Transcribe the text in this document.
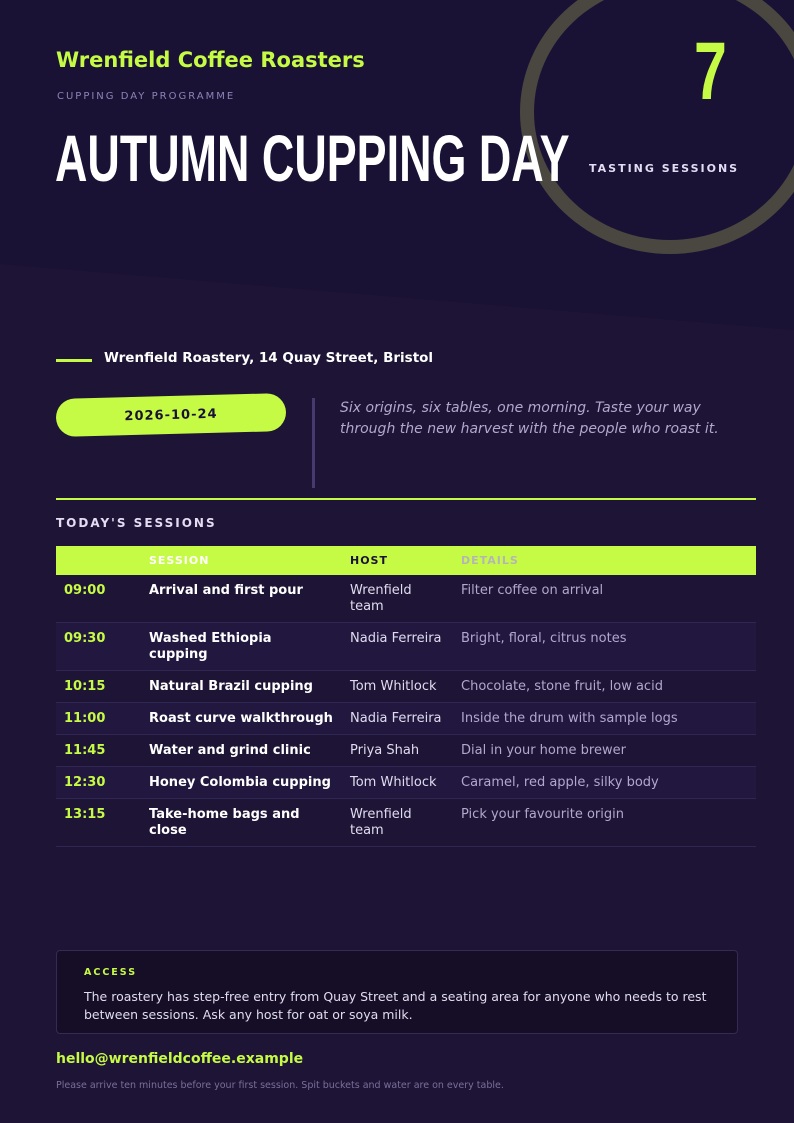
Wrenfield Coffee Roasters
CUPPING DAY PROGRAMME
AUTUMN CUPPING DAY
7
TASTING SESSIONS
Wrenfield Roastery, 14 Quay Street, Bristol
2026-10-24	Six origins, six tables, one morning. Taste your way through the new harvest with the people who roast it.
TODAY'S SESSIONS
	SESSION	HOST	DETAILS
09:00	Arrival and first pour	Wrenfield team	Filter coffee on arrival
09:30	Washed Ethiopia cupping	Nadia Ferreira	Bright, floral, citrus notes
10:15	Natural Brazil cupping	Tom Whitlock	Chocolate, stone fruit, low acid
11:00	Roast curve walkthrough	Nadia Ferreira	Inside the drum with sample logs
11:45	Water and grind clinic	Priya Shah	Dial in your home brewer
12:30	Honey Colombia cupping	Tom Whitlock	Caramel, red apple, silky body
13:15	Take-home bags and close	Wrenfield team	Pick your favourite origin
ACCESS
The roastery has step-free entry from Quay Street and a seating area for anyone who needs to rest between sessions. Ask any host for oat or soya milk.
hello@wrenfieldcoffee.example
Please arrive ten minutes before your first session. Spit buckets and water are on every table.
